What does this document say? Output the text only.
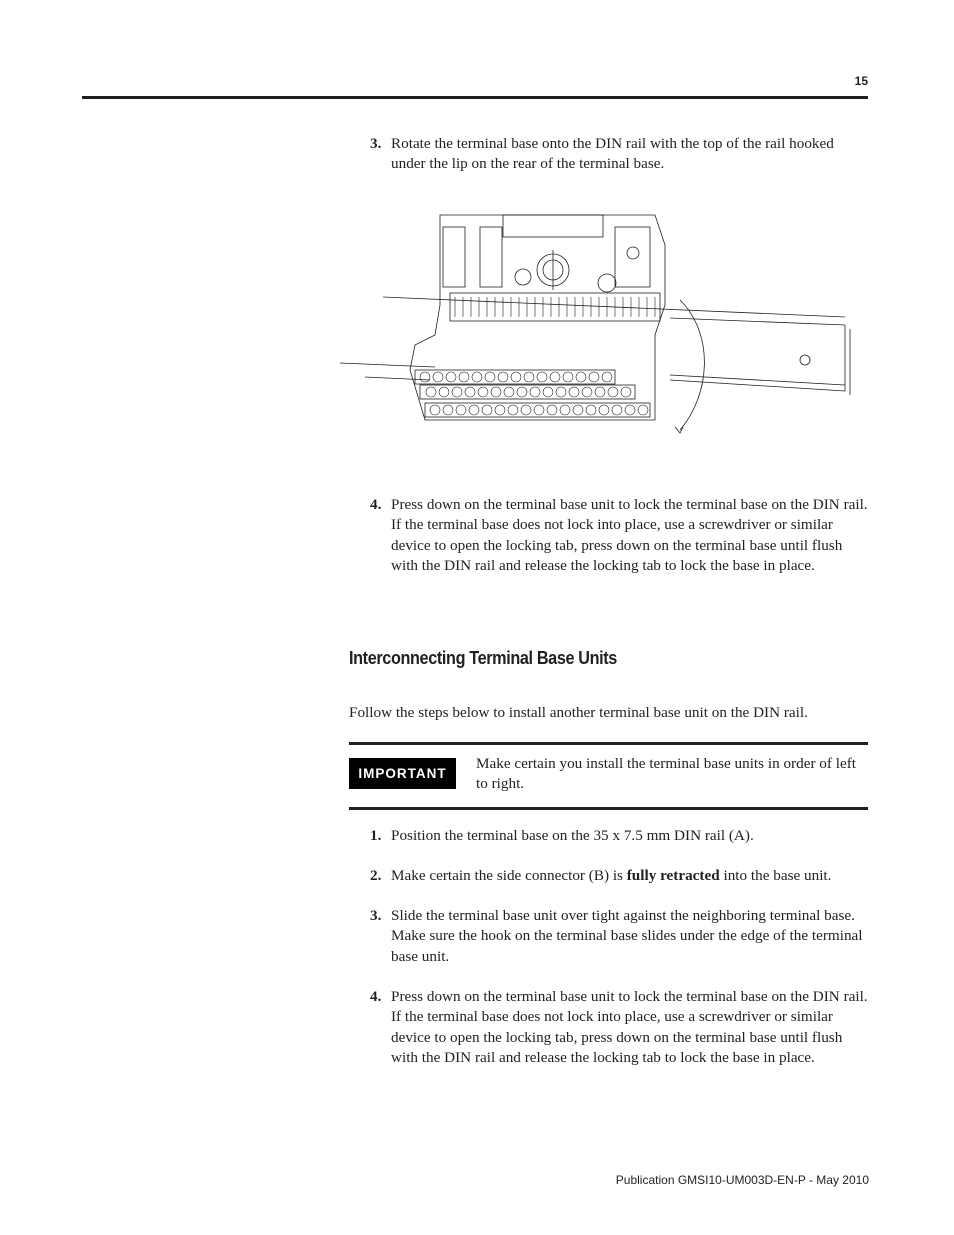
15
3. Rotate the terminal base onto the DIN rail with the top of the rail hooked under the lip on the rear of the terminal base.
4. Press down on the terminal base unit to lock the terminal base on the DIN rail. If the terminal base does not lock into place, use a screwdriver or similar device to open the locking tab, press down on the terminal base until flush with the DIN rail and release the locking tab to lock the base in place.
Interconnecting Terminal Base Units
Follow the steps below to install another terminal base unit on the DIN rail.
IMPORTANT
Make certain you install the terminal base units in order of left to right.
1. Position the terminal base on the 35 x 7.5 mm DIN rail (A).
2. Make certain the side connector (B) is fully retracted into the base unit.
3. Slide the terminal base unit over tight against the neighboring terminal base. Make sure the hook on the terminal base slides under the edge of the terminal base unit.
4. Press down on the terminal base unit to lock the terminal base on the DIN rail. If the terminal base does not lock into place, use a screwdriver or similar device to open the locking tab, press down on the terminal base until flush with the DIN rail and release the locking tab to lock the base in place.
Publication GMSI10-UM003D-EN-P - May 2010
